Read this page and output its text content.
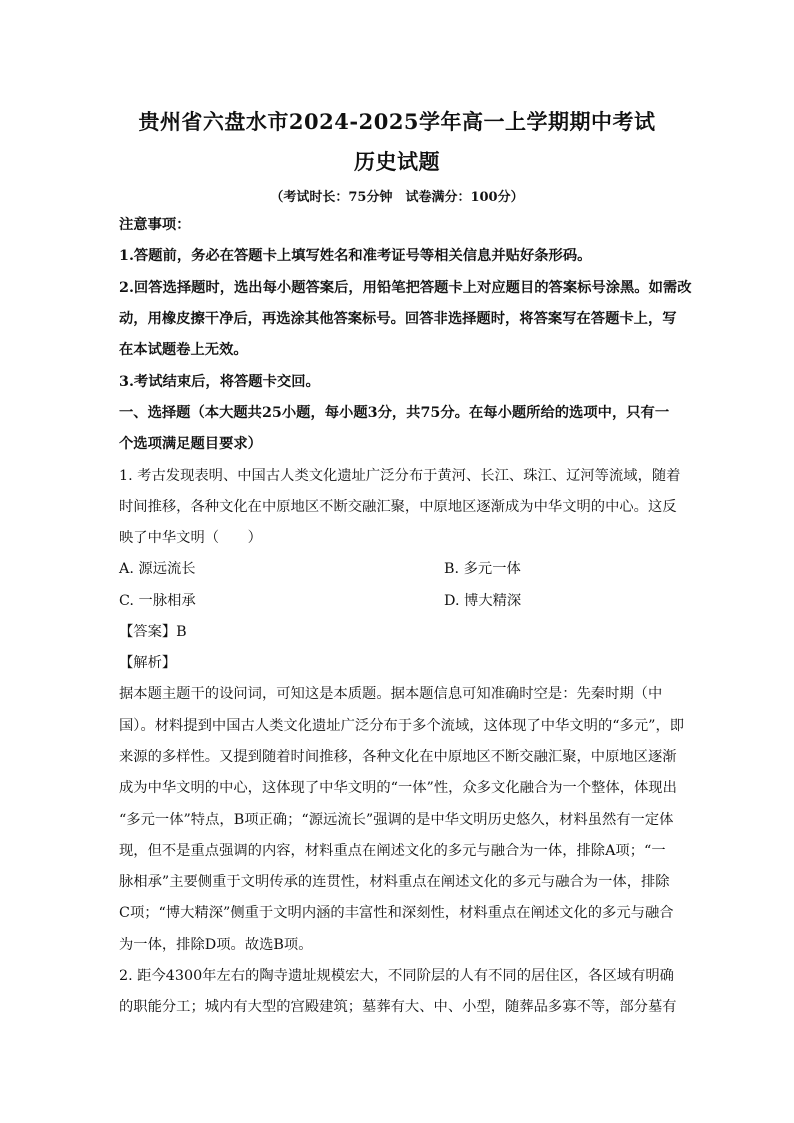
贵州省六盘水市2024-2025学年高一上学期期中考试
历史试题
（考试时长：75分钟　试卷满分：100分）
注意事项：
1.答题前，务必在答题卡上填写姓名和准考证号等相关信息并贴好条形码。
2.回答选择题时，选出每小题答案后，用铅笔把答题卡上对应题目的答案标号涂黑。如需改
动，用橡皮擦干净后，再选涂其他答案标号。回答非选择题时，将答案写在答题卡上，写
在本试题卷上无效。
3.考试结束后，将答题卡交回。
一、选择题（本大题共25小题，每小题3分，共75分。在每小题所给的选项中，只有一
个选项满足题目要求）
1. 考古发现表明、中国古人类文化遗址广泛分布于黄河、长江、珠江、辽河等流域，随着
时间推移，各种文化在中原地区不断交融汇聚，中原地区逐渐成为中华文明的中心。这反
映了中华文明（　　）
A. 源远流长	B. 多元一体
C. 一脉相承	D. 博大精深
【答案】B
【解析】
据本题主题干的设问词，可知这是本质题。据本题信息可知准确时空是：先秦时期（中
国）。材料提到中国古人类文化遗址广泛分布于多个流域，这体现了中华文明的“多元”，即
来源的多样性。又提到随着时间推移，各种文化在中原地区不断交融汇聚，中原地区逐渐
成为中华文明的中心，这体现了中华文明的“一体”性，众多文化融合为一个整体，体现出
“多元一体”特点，B项正确；“源远流长”强调的是中华文明历史悠久，材料虽然有一定体
现，但不是重点强调的内容，材料重点在阐述文化的多元与融合为一体，排除A项；“一
脉相承”主要侧重于文明传承的连贯性，材料重点在阐述文化的多元与融合为一体，排除
C项；“博大精深”侧重于文明内涵的丰富性和深刻性，材料重点在阐述文化的多元与融合
为一体，排除D项。故选B项。
2. 距今4300年左右的陶寺遗址规模宏大，不同阶层的人有不同的居住区，各区域有明确
的职能分工；城内有大型的宫殿建筑；墓葬有大、中、小型，随葬品多寡不等，部分墓有
